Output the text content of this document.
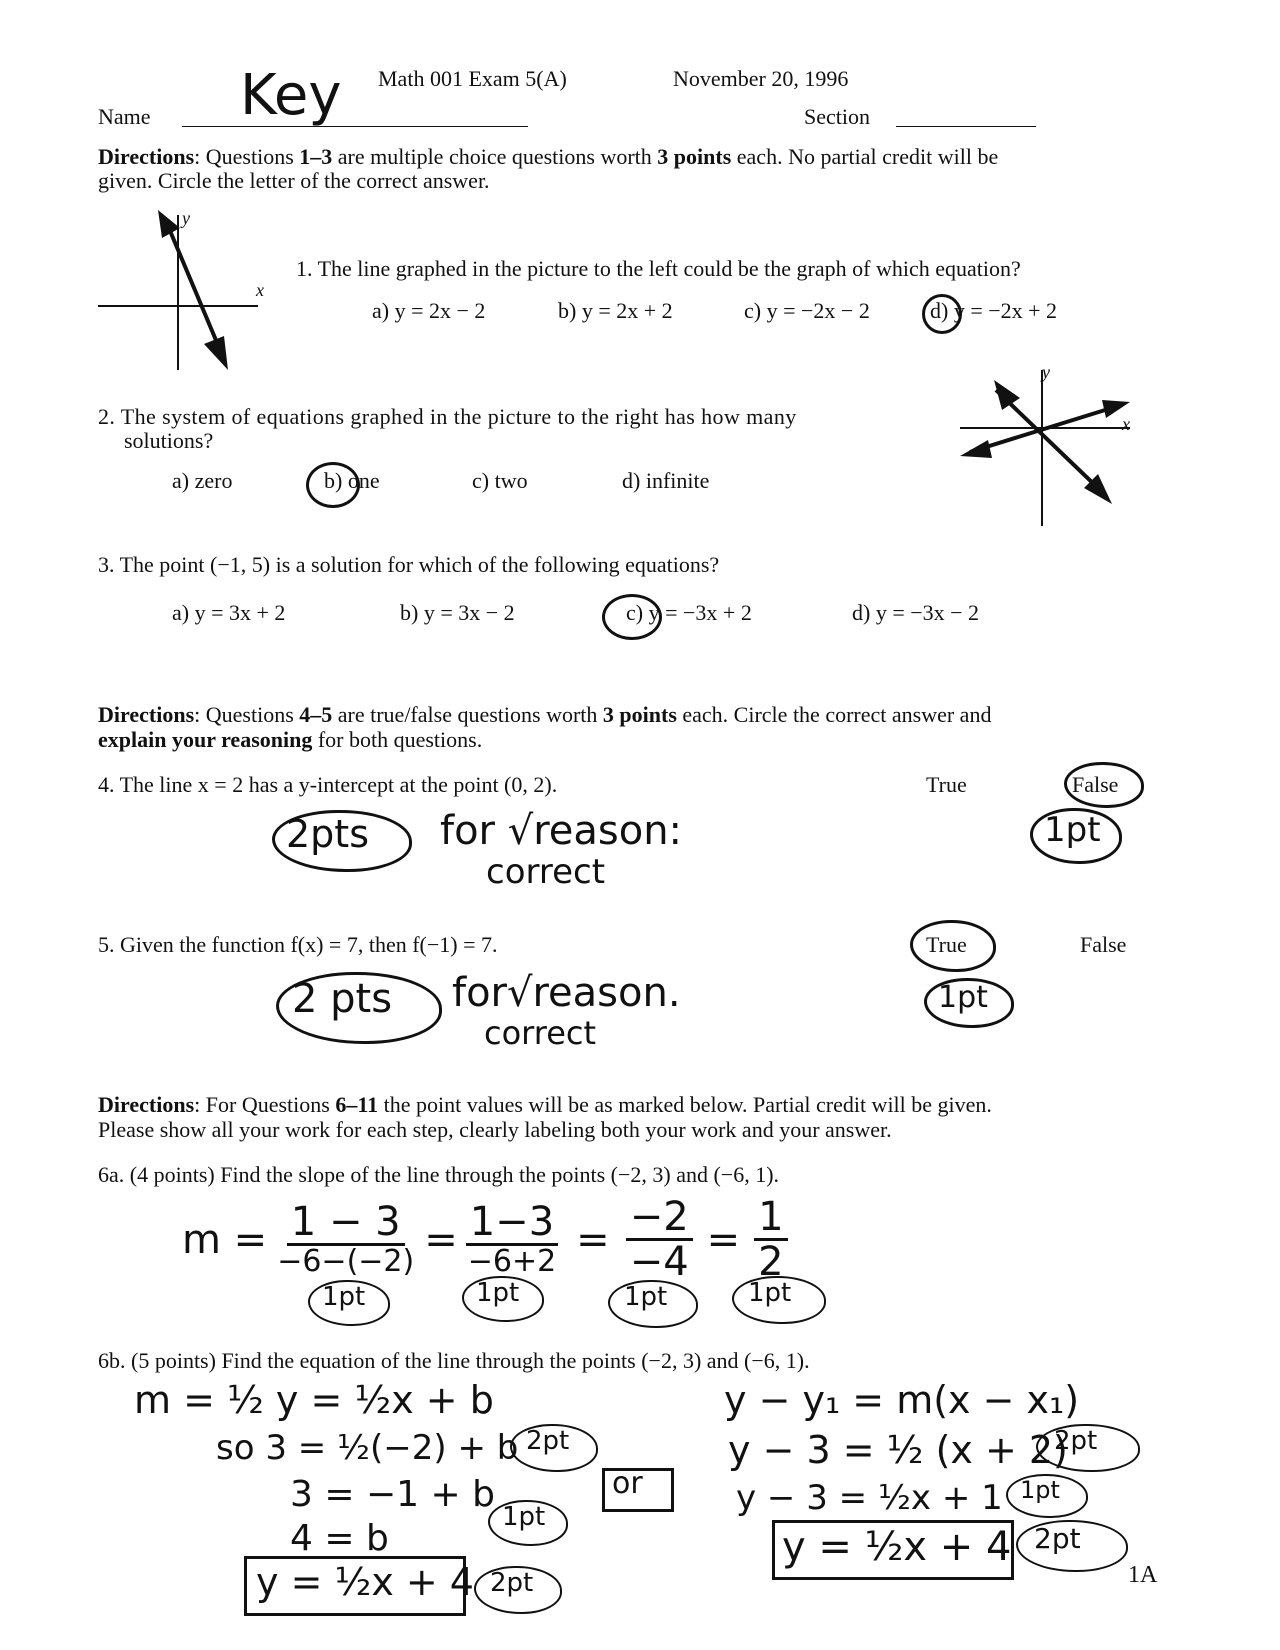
Math 001 Exam 5(A)	November 20, 1996
Name Key	Section
Directions: Questions 1–3 are multiple choice questions worth 3 points each. No partial credit will be
given. Circle the letter of the correct answer.
y
x
1. The line graphed in the picture to the left could be the graph of which equation?
a) y = 2x − 2	b) y = 2x + 2	c) y = −2x − 2	d) y = −2x + 2
2. The system of equations graphed in the picture to the right has how many
solutions?
a) zero	b) one	c) two	d) infinite
y
x
3. The point (−1, 5) is a solution for which of the following equations?
a) y = 3x + 2	b) y = 3x − 2	c) y = −3x + 2	d) y = −3x − 2
Directions: Questions 4–5 are true/false questions worth 3 points each. Circle the correct answer and
explain your reasoning for both questions.
4. The line x = 2 has a y-intercept at the point (0, 2).	True	False
2pts for √reason:
correct
1pt
5. Given the function f(x) = 7, then f(−1) = 7.	True	False
2 pts for√reason.
correct
1pt
Directions: For Questions 6–11 the point values will be as marked below. Partial credit will be given.
Please show all your work for each step, clearly labeling both your work and your answer.
6a. (4 points) Find the slope of the line through the points (−2, 3) and (−6, 1).
m = 1 − 3
−6−(−2) = 1−3
$-6+2 = \frac{-2}{-4} = \frac{1}{2}$
1pt	1pt	1pt	1pt
6b. (5 points) Find the equation of the line through the points (−2, 3) and (−6, 1).
m = ½ y = ½x + b
so 3 = ½(−2) + b
3 = −1 + b
4 = b
y = ½x + 4
2pt
1pt
2pt
or
y − y₁ = m(x − x₁)
y − 3 = ½ (x + 2)
y − 3 = ½x + 1
y = ½x + 4
2pt
1pt
2pt
1A
